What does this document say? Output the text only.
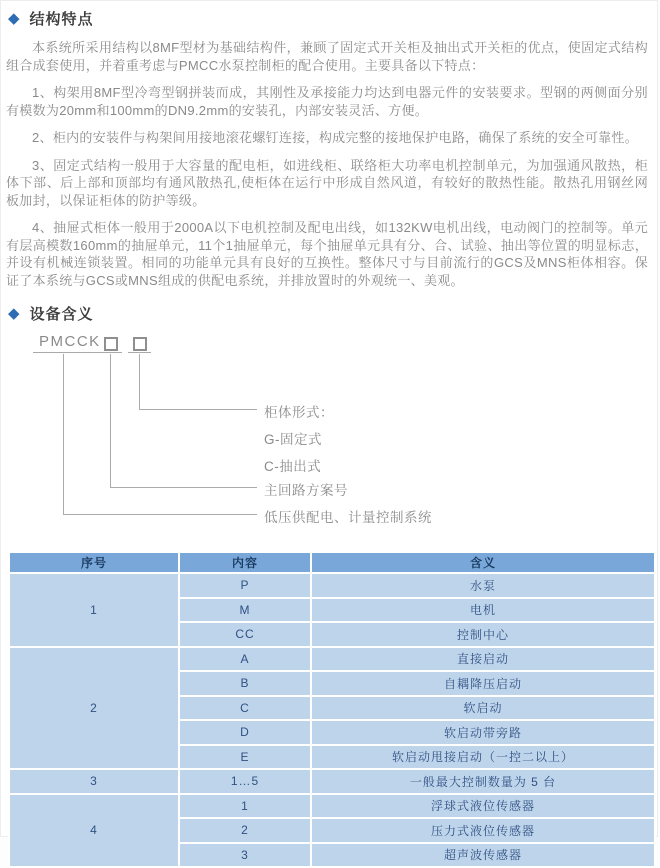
◆ 结构特点

本系统所采用结构以8MF型材为基础结构件，兼顾了固定式开关柜及抽出式开关柜的优点，使固定式结构组合成套使用，并着重考虑与PMCC水泵控制柜的配合使用。主要具备以下特点：

1、构架用8MF型冷弯型钢拼装而成，其刚性及承接能力均达到电器元件的安装要求。型钢的两侧面分别有模数为20mm和100mm的DN9.2mm的安装孔，内部安装灵活、方便。

2、柜内的安装件与构架间用接地滚花螺钉连接，构成完整的接地保护电路，确保了系统的安全可靠性。

3、固定式结构一般用于大容量的配电柜，如进线柜、联络柜大功率电机控制单元，为加强通风散热，柜体下部、后上部和顶部均有通风散热孔,使柜体在运行中形成自然风道，有较好的散热性能。散热孔用钢丝网板加封，以保证柜体的防护等级。

4、抽屉式柜体一般用于2000A以下电机控制及配电出线，如132KW电机出线，电动阀门的控制等。单元有层高模数160mm的抽屉单元，11个1抽屉单元，每个抽屉单元具有分、合、试验、抽出等位置的明显标志，并设有机械连锁装置。相同的功能单元具有良好的互换性。整体尺寸与目前流行的GCS及MNS柜体相容。保证了本系统与GCS或MNS组成的供配电系统，并排放置时的外观统一、美观。

◆ 设备含义
PMCCK
柜体形式：
G-固定式
C-抽出式
主回路方案号
低压供配电、计量控制系统
序号	内容	含义
1	P	水泵
	M	电机
	CC	控制中心
2	A	直接启动
	B	自耦降压启动
	C	软启动
	D	软启动带旁路
	E	软启动甩接启动（一控二以上）
3	1…5	一般最大控制数量为 5 台
4	1	浮球式液位传感器
	2	压力式液位传感器
	3	超声波传感器
